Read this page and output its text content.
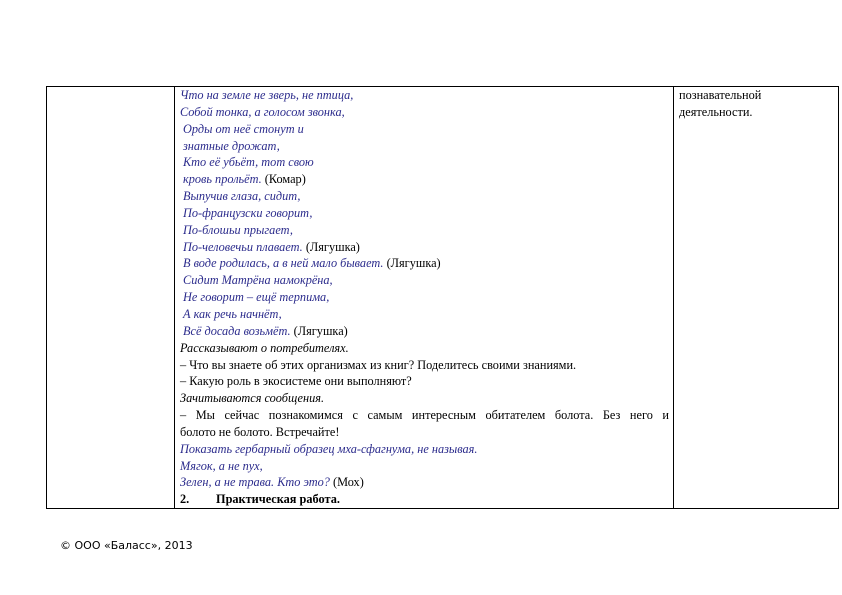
Что на земле не зверь, не птица,
Собой тонка, а голосом звонка,
Орды от неё стонут и
знатные дрожат,
Кто её убьёт, тот свою
кровь прольёт. (Комар)
Выпучив глаза, сидит,
По-французски говорит,
По-блошьи прыгает,
По-человечьи плавает. (Лягушка)
В воде родилась, а в ней мало бывает. (Лягушка)
Сидит Матрёна намокрёна,
Не говорит – ещё терпима,
А как речь начнёт,
Всё досада возьмёт. (Лягушка)
Рассказывают о потребителях.
– Что вы знаете об этих организмах из книг? Поделитесь своими знаниями.
– Какую роль в экосистеме они выполняют?
Зачитываются сообщения.
– Мы сейчас познакомимся с самым интересным обитателем болота. Без него и
болото не болото. Встречайте!
Показать гербарный образец мха-сфагнума, не называя.
Мягок, а не пух,
Зелен, а не трава. Кто это? (Мох)
2. Практическая работа.
познавательной
деятельности.
© ООО «Баласс», 2013
